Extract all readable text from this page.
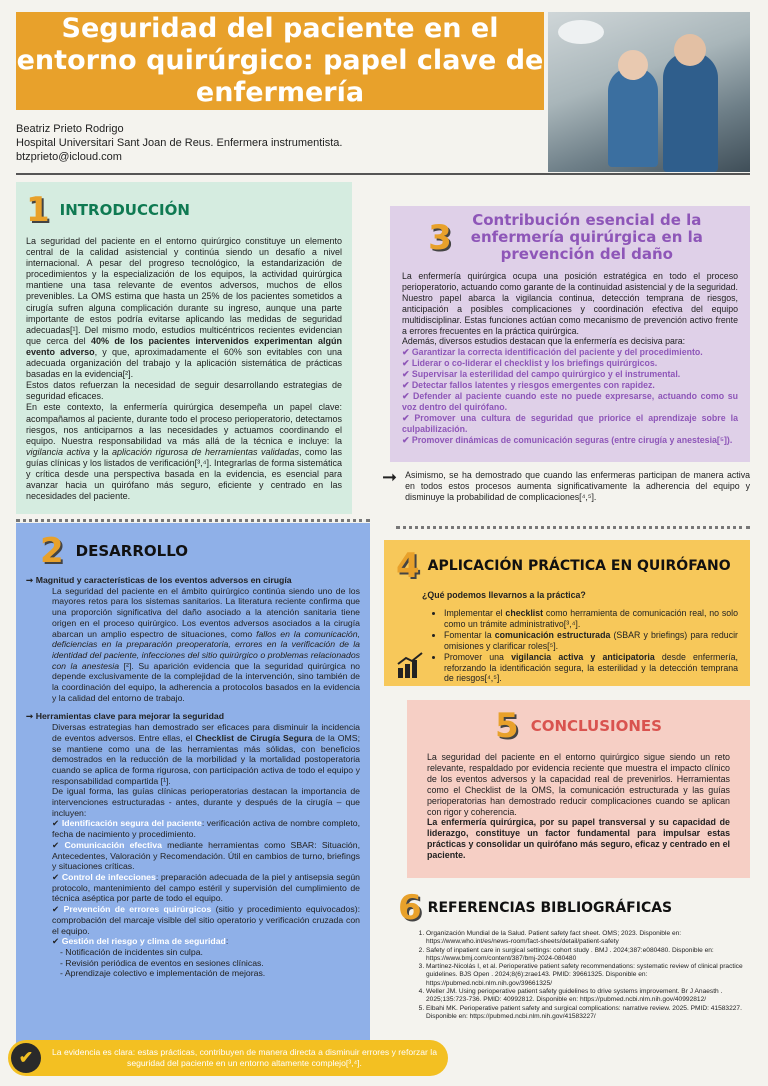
Seguridad del paciente en el entorno quirúrgico: papel clave de enfermería
Beatriz Prieto Rodrigo
Hospital Universitari Sant Joan de Reus. Enfermera instrumentista.
btzprieto@icloud.com
1 INTRODUCCIÓN
La seguridad del paciente en el entorno quirúrgico constituye un elemento central de la calidad asistencial y continúa siendo un desafío a nivel internacional. A pesar del progreso tecnológico, la estandarización de procedimientos y la especialización de los equipos, la actividad quirúrgica mantiene una tasa relevante de eventos adversos, muchos de ellos prevenibles. La OMS estima que hasta un 25% de los pacientes sometidos a cirugía sufren alguna complicación durante su ingreso, aunque una parte importante de estos podría evitarse aplicando las medidas de seguridad adecuadas[¹]. Del mismo modo, estudios multicéntricos recientes evidencian que cerca del 40% de los pacientes intervenidos experimentan algún evento adverso, y que, aproximadamente el 60% son evitables con una adecuada organización del trabajo y la aplicación sistemática de prácticas basadas en la evidencia[²].
Estos datos refuerzan la necesidad de seguir desarrollando estrategias de seguridad eficaces.
En este contexto, la enfermería quirúrgica desempeña un papel clave: acompañamos al paciente, durante todo el proceso perioperatorio, detectamos riesgos, nos anticiparnos a las necesidades y actuamos coordinando el equipo. Nuestra responsabilidad va más allá de la técnica e incluye: la vigilancia activa y la aplicación rigurosa de herramientas validadas, como las guías clínicas y los listados de verificación[³,⁴]. Integrarlas de forma sistemática y crítica desde una perspectiva basada en la evidencia, es esencial para avanzar hacia un quirófano más seguro, eficiente y centrado en las necesidades del paciente.
2 DESARROLLO
➞ Magnitud y características de los eventos adversos en cirugía
La seguridad del paciente en el ámbito quirúrgico continúa siendo uno de los mayores retos para los sistemas sanitarios. La literatura reciente confirma que una proporción significativa del daño asociado a la atención sanitaria tiene origen en el proceso quirúrgico. Los eventos adversos asociados a la cirugía abarcan un amplio espectro de situaciones, como fallos en la comunicación, deficiencias en la preparación preoperatoria, errores en la verificación de la identidad del paciente, infecciones del sitio quirúrgico o problemas relacionados con la anestesia [²]. Su aparición evidencia que la seguridad quirúrgica no depende exclusivamente de la complejidad de la intervención, sino también de la coordinación del equipo, la adherencia a protocolos basados en la evidencia y la calidad del entorno de trabajo.
➞ Herramientas clave para mejorar la seguridad
Diversas estrategias han demostrado ser eficaces para disminuir la incidencia de eventos adversos. Entre ellas, el Checklist de Cirugía Segura de la OMS; se mantiene como una de las herramientas más sólidas, con beneficios demostrados en la reducción de la morbilidad y la mortalidad postoperatoria cuando se aplica de forma rigurosa, con participación activa de todo el equipo y responsabilidad compartida [¹].
De igual forma, las guías clínicas perioperatorias destacan la importancia de intervenciones estructuradas - antes, durante y después de la cirugía – que incluyen:
✔ Identificación segura del paciente: verificación activa de nombre completo, fecha de nacimiento y procedimiento.
✔ Comunicación efectiva mediante herramientas como SBAR: Situación, Antecedentes, Valoración y Recomendación. Útil en cambios de turno, briefings y situaciones críticas.
✔ Control de infecciones: preparación adecuada de la piel y antisepsia según protocolo, mantenimiento del campo estéril y supervisión del cumplimiento de técnica aséptica por parte de todo el equipo.
✔ Prevención de errores quirúrgicos (sitio y procedimiento equivocados): comprobación del marcaje visible del sitio operatorio y verificación cruzada con el equipo.
✔ Gestión del riesgo y clima de seguridad:
- Notificación de incidentes sin culpa.
- Revisión periódica de eventos en sesiones clínicas.
- Aprendizaje colectivo e implementación de mejoras.
3	Contribución esencial de la enfermería quirúrgica en la prevención del daño
La enfermería quirúrgica ocupa una posición estratégica en todo el proceso perioperatorio, actuando como garante de la continuidad asistencial y de la seguridad. Nuestro papel abarca la vigilancia continua, detección temprana de riesgos, anticipación a posibles complicaciones y coordinación efectiva del equipo multidisciplinar. Estas funciones actúan como mecanismo de prevención activo frente a errores frecuentes en la práctica quirúrgica.
Además, diversos estudios destacan que la enfermería es decisiva para:
✔ Garantizar la correcta identificación del paciente y del procedimiento.
✔ Liderar o co-liderar el checklist y los briefings quirúrgicos.
✔ Supervisar la esterilidad del campo quirúrgico y el instrumental.
✔ Detectar fallos latentes y riesgos emergentes con rapidez.
✔ Defender al paciente cuando este no puede expresarse, actuando como su voz dentro del quirófano.
✔ Promover una cultura de seguridad que priorice el aprendizaje sobre la culpabilización.
✔ Promover dinámicas de comunicación seguras (entre cirugía y anestesia[⁵]).
➞ Asimismo, se ha demostrado que cuando las enfermeras participan de manera activa en todos estos procesos aumenta significativamente la adherencia del equipo y disminuye la probabilidad de complicaciones[⁴,⁵].
4 APLICACIÓN PRÁCTICA EN QUIRÓFANO
¿Qué podemos llevarnos a la práctica?
• Implementar el checklist como herramienta de comunicación real, no solo como un trámite administrativo[³,⁴].
• Fomentar la comunicación estructurada (SBAR y briefings) para reducir omisiones y clarificar roles[⁵].
• Promover una vigilancia activa y anticipatoria desde enfermería, reforzando la identificación segura, la esterilidad y la detección temprana de riesgos[⁴,⁵].
5 CONCLUSIONES
La seguridad del paciente en el entorno quirúrgico sigue siendo un reto relevante, respaldado por evidencia reciente que muestra el impacto clínico de los eventos adversos y la capacidad real de prevenirlos. Herramientas como el Checklist de la OMS, la comunicación estructurada y las guías perioperatorias han demostrado reducir complicaciones cuando se aplican con rigor y coherencia.
La enfermería quirúrgica, por su papel transversal y su capacidad de liderazgo, constituye un factor fundamental para impulsar estas prácticas y consolidar un quirófano más seguro, eficaz y centrado en el paciente.
6 REFERENCIAS BIBLIOGRÁFICAS
1. Organización Mundial de la Salud. Patient safety fact sheet. OMS; 2023. Disponible en: https://www.who.int/es/news-room/fact-sheets/detail/patient-safety
2. Safety of inpatient care in surgical settings: cohort study . BMJ . 2024;387:e080480. Disponible en: https://www.bmj.com/content/387/bmj-2024-080480
3. Martínez-Nicolás I, et al. Perioperative patient safety recommendations: systematic review of clinical practice guidelines. BJS Open . 2024;8(6):zrae143. PMID: 39661325. Disponible en: https://pubmed.ncbi.nlm.nih.gov/39661325/
4. Weller JM. Using perioperative patient safety guidelines to drive systems improvement. Br J Anaesth . 2025;135:723-736. PMID: 40992812. Disponible en: https://pubmed.ncbi.nlm.nih.gov/40992812/
5. Elbahi MK. Perioperative patient safety and surgical complications: narrative review. 2025. PMID: 41583227. Disponible en: https://pubmed.ncbi.nlm.nih.gov/41583227/
✔	La evidencia es clara: estas prácticas, contribuyen de manera directa a disminuir errores y reforzar la seguridad del paciente en un entorno altamente complejo[³,⁴].
